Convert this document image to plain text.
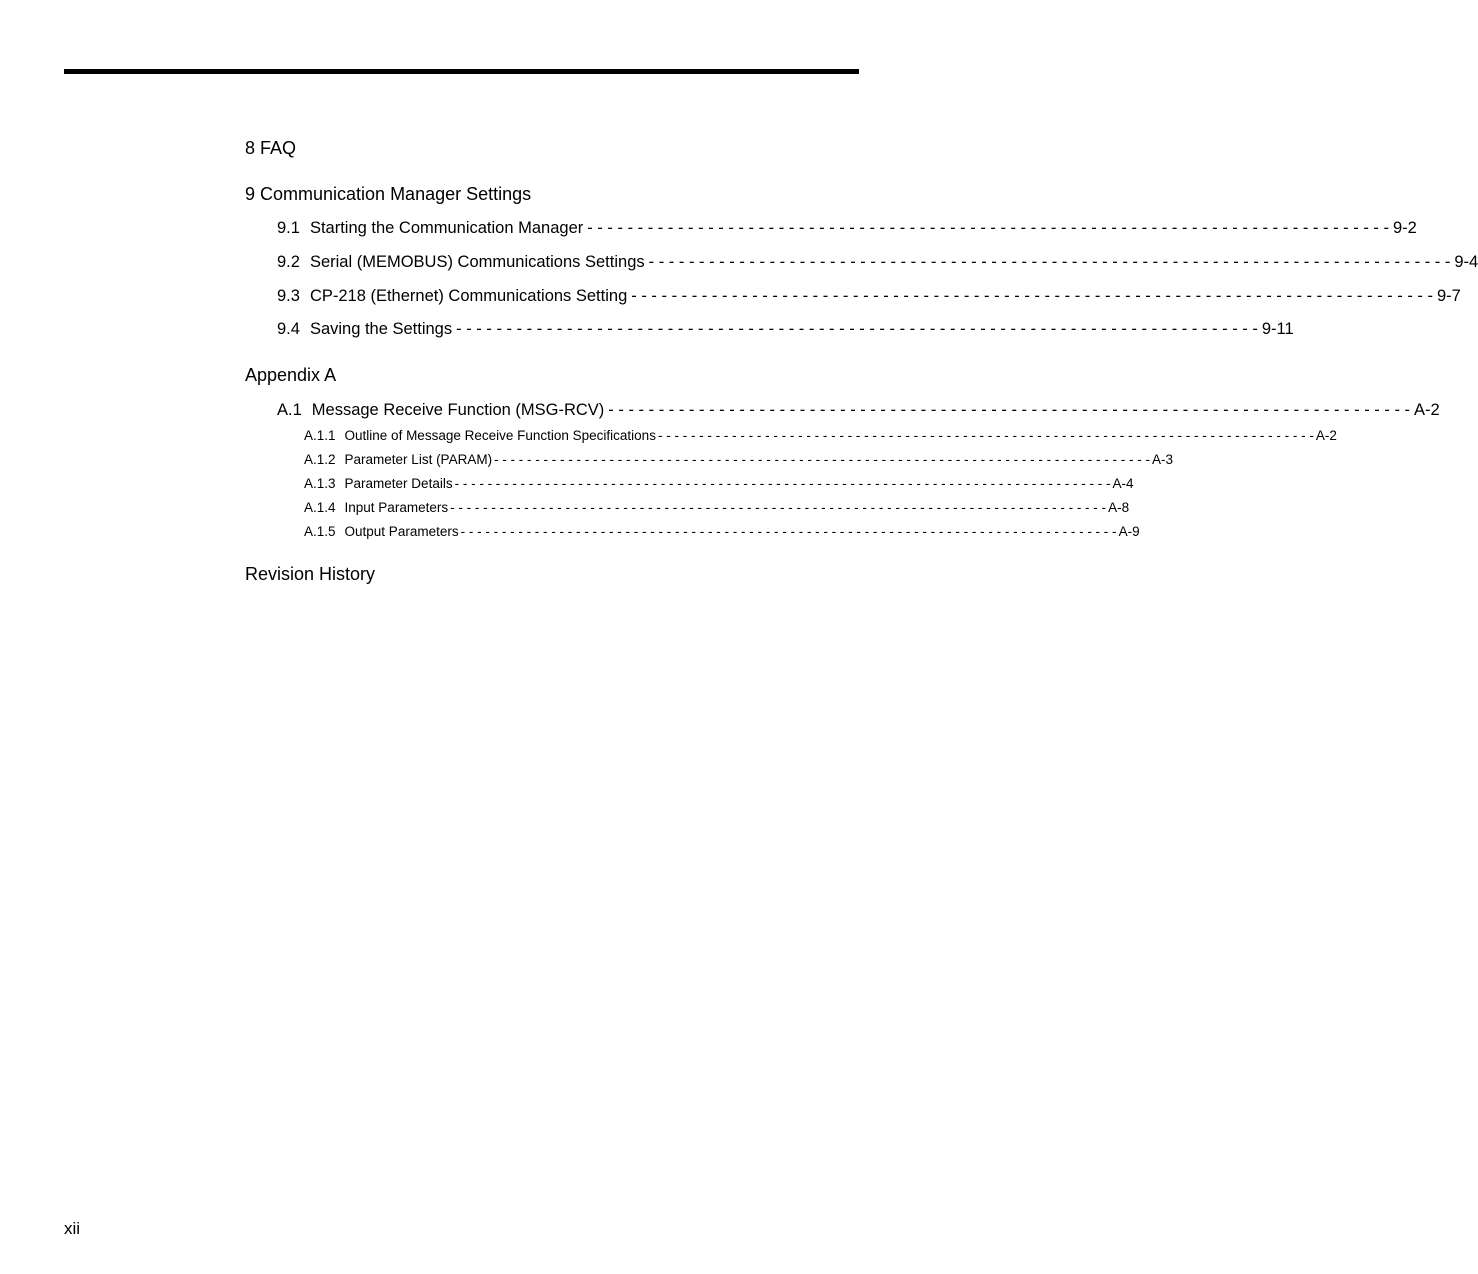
8 FAQ
9 Communication Manager Settings
9.1 Starting the Communication Manager - - - - - - - - - - - - - - - - - - - - - - - - - - - - - - - - - - - - - - - - - - - - - - - - - - - - - - - - - - - - - - - - - - - - - - - - - - - - - - - - 9-2
9.2 Serial (MEMOBUS) Communications Settings - - - - - - - - - - - - - - - - - - - - - - - - - - - - - - - - - - - - - - - - - - - - - - - - - - - - - - - - - - - - - - - - - - - - - - - - - - - - - - - - 9-4
9.3 CP-218 (Ethernet) Communications Setting - - - - - - - - - - - - - - - - - - - - - - - - - - - - - - - - - - - - - - - - - - - - - - - - - - - - - - - - - - - - - - - - - - - - - - - - - - - - - - - - 9-7
9.4 Saving the Settings - - - - - - - - - - - - - - - - - - - - - - - - - - - - - - - - - - - - - - - - - - - - - - - - - - - - - - - - - - - - - - - - - - - - - - - - - - - - - - - - 9-11
Appendix A
A.1 Message Receive Function (MSG-RCV) - - - - - - - - - - - - - - - - - - - - - - - - - - - - - - - - - - - - - - - - - - - - - - - - - - - - - - - - - - - - - - - - - - - - - - - - - - - - - - - - A-2
A.1.1 Outline of Message Receive Function Specifications - - - - - - - - - - - - - - - - - - - - - - - - - - - - - - - - - - - - - - - - - - - - - - - - - - - - - - - - - - - - - - - - - - - - - - - - - - - - - - - - A-2
A.1.2 Parameter List (PARAM) - - - - - - - - - - - - - - - - - - - - - - - - - - - - - - - - - - - - - - - - - - - - - - - - - - - - - - - - - - - - - - - - - - - - - - - - - - - - - - - - A-3
A.1.3 Parameter Details - - - - - - - - - - - - - - - - - - - - - - - - - - - - - - - - - - - - - - - - - - - - - - - - - - - - - - - - - - - - - - - - - - - - - - - - - - - - - - - - A-4
A.1.4 Input Parameters - - - - - - - - - - - - - - - - - - - - - - - - - - - - - - - - - - - - - - - - - - - - - - - - - - - - - - - - - - - - - - - - - - - - - - - - - - - - - - - - A-8
A.1.5 Output Parameters - - - - - - - - - - - - - - - - - - - - - - - - - - - - - - - - - - - - - - - - - - - - - - - - - - - - - - - - - - - - - - - - - - - - - - - - - - - - - - - - A-9
Revision History
xii
